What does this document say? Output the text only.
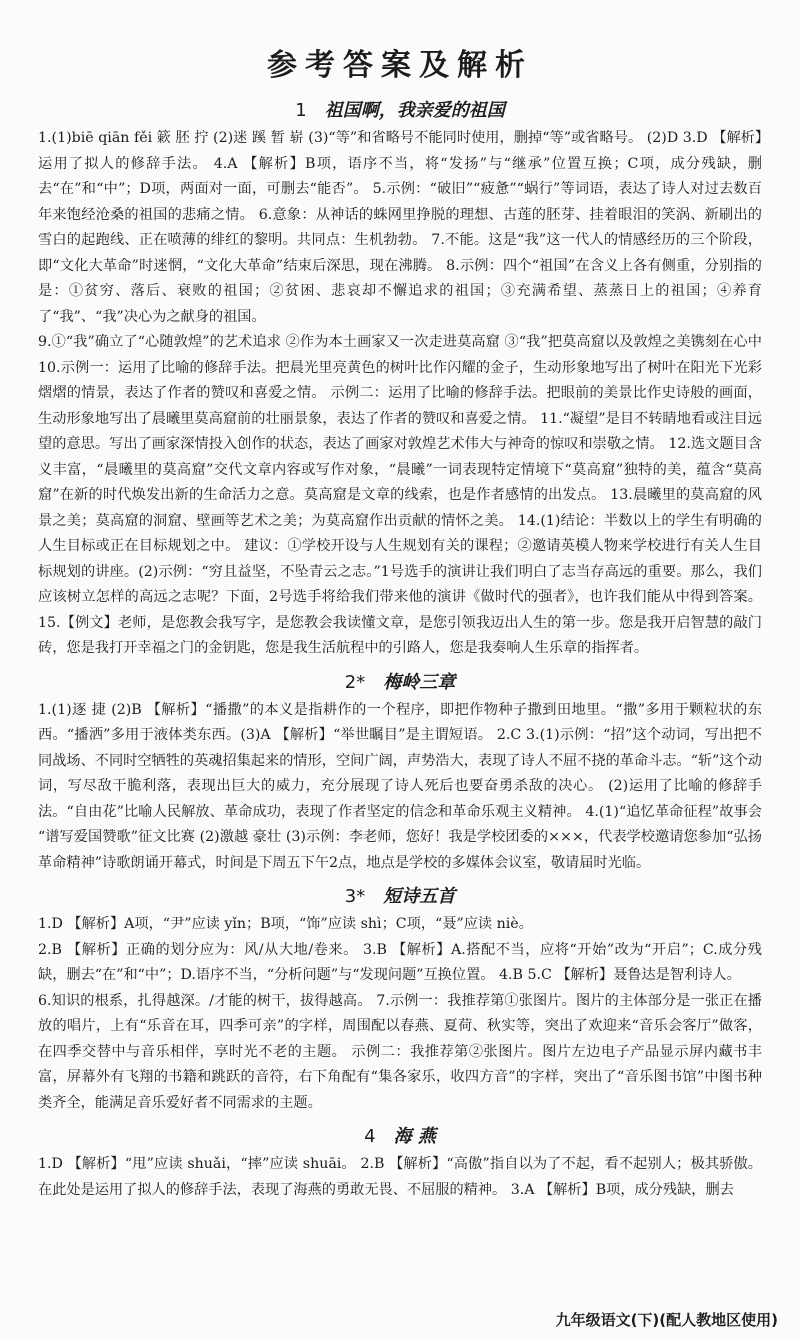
参考答案及解析
1 祖国啊，我亲爱的祖国

1.(1)biē qiān fěi 簌 胚 拧 (2)迷 蹊 暂 崭 (3)“等”和省略号不能同时使用，删掉“等”或省略号。 (2)D 3.D 【解析】运用了拟人的修辞手法。 4.A 【解析】B项，语序不当，将“发扬”与“继承”位置互换；C项，成分残缺，删去“在”和“中”；D项，两面对一面，可删去“能否”。 5.示例：“破旧”“疲惫”“蜗行”等词语，表达了诗人对过去数百年来饱经沧桑的祖国的悲痛之情。 6.意象：从神话的蛛网里挣脱的理想、古莲的胚芽、挂着眼泪的笑涡、新刷出的雪白的起跑线、正在喷薄的绯红的黎明。共同点：生机勃勃。 7.不能。这是“我”这一代人的情感经历的三个阶段，即“文化大革命”时迷惘，“文化大革命”结束后深思，现在沸腾。 8.示例：四个“祖国”在含义上各有侧重，分别指的是：①贫穷、落后、衰败的祖国；②贫困、悲哀却不懈追求的祖国；③充满希望、蒸蒸日上的祖国；④养育了“我”、“我”决心为之献身的祖国。

9.①“我”确立了“心随敦煌”的艺术追求 ②作为本土画家又一次走进莫高窟 ③“我”把莫高窟以及敦煌之美镌刻在心中 10.示例一：运用了比喻的修辞手法。把晨光里亮黄色的树叶比作闪耀的金子，生动形象地写出了树叶在阳光下光彩熠熠的情景，表达了作者的赞叹和喜爱之情。 示例二：运用了比喻的修辞手法。把眼前的美景比作史诗般的画面，生动形象地写出了晨曦里莫高窟前的壮丽景象，表达了作者的赞叹和喜爱之情。 11.“凝望”是目不转睛地看或注目远望的意思。写出了画家深情投入创作的状态，表达了画家对敦煌艺术伟大与神奇的惊叹和崇敬之情。 12.选文题目含义丰富，“晨曦里的莫高窟”交代文章内容或写作对象，“晨曦”一词表现特定情境下“莫高窟”独特的美，蕴含“莫高窟”在新的时代焕发出新的生命活力之意。莫高窟是文章的线索，也是作者感情的出发点。 13.晨曦里的莫高窟的风景之美；莫高窟的洞窟、壁画等艺术之美；为莫高窟作出贡献的情怀之美。 14.(1)结论：半数以上的学生有明确的人生目标或正在目标规划之中。 建议：①学校开设与人生规划有关的课程；②邀请英模人物来学校进行有关人生目标规划的讲座。(2)示例：“穷且益坚，不坠青云之志。”1号选手的演讲让我们明白了志当存高远的重要。那么，我们应该树立怎样的高远之志呢？下面，2号选手将给我们带来他的演讲《做时代的强者》，也许我们能从中得到答案。 15.【例文】老师，是您教会我写字，是您教会我读懂文章，是您引领我迈出人生的第一步。您是我开启智慧的敲门砖，您是我打开幸福之门的金钥匙，您是我生活航程中的引路人，您是我奏响人生乐章的指挥者。

2* 梅岭三章

1.(1)逐 捷 (2)B 【解析】“播撒”的本义是指耕作的一个程序，即把作物种子撒到田地里。“撒”多用于颗粒状的东西。“播洒”多用于液体类东西。(3)A 【解析】“举世瞩目”是主谓短语。 2.C 3.(1)示例：“招”这个动词，写出把不同战场、不同时空牺牲的英魂招集起来的情形，空间广阔，声势浩大，表现了诗人不屈不挠的革命斗志。“斩”这个动词，写尽敌干脆利落，表现出巨大的威力，充分展现了诗人死后也要奋勇杀敌的决心。 (2)运用了比喻的修辞手法。“自由花”比喻人民解放、革命成功，表现了作者坚定的信念和革命乐观主义精神。 4.(1)“追忆革命征程”故事会 “谱写爱国赞歌”征文比赛 (2)激越 豪壮 (3)示例：李老师，您好！我是学校团委的×××，代表学校邀请您参加“弘扬革命精神”诗歌朗诵开幕式，时间是下周五下午2点，地点是学校的多媒体会议室，敬请届时光临。

3* 短诗五首

1.D 【解析】A项，“尹”应读 yǐn；B项，“饰”应读 shì；C项，“聂”应读 niè。

2.B 【解析】正确的划分应为：风/从大地/卷来。 3.B 【解析】A.搭配不当，应将“开始”改为“开启”；C.成分残缺，删去“在”和“中”；D.语序不当，“分析问题”与“发现问题”互换位置。 4.B 5.C 【解析】聂鲁达是智利诗人。

6.知识的根系，扎得越深。/才能的树干，拔得越高。 7.示例一：我推荐第①张图片。图片的主体部分是一张正在播放的唱片，上有“乐音在耳，四季可亲”的字样，周围配以春燕、夏荷、秋实等，突出了欢迎来“音乐会客厅”做客，在四季交替中与音乐相伴，享时光不老的主题。 示例二：我推荐第②张图片。图片左边电子产品显示屏内藏书丰富，屏幕外有飞翔的书籍和跳跃的音符，右下角配有“集各家乐，收四方音”的字样，突出了“音乐图书馆”中图书种类齐全，能满足音乐爱好者不同需求的主题。

4 海 燕

1.D 【解析】“甩”应读 shuǎi，“摔”应读 shuāi。 2.B 【解析】“高傲”指自以为了不起，看不起别人；极其骄傲。在此处是运用了拟人的修辞手法，表现了海燕的勇敢无畏、不屈服的精神。 3.A 【解析】B项，成分残缺，删去

九年级语文(下)(配人教地区使用)
